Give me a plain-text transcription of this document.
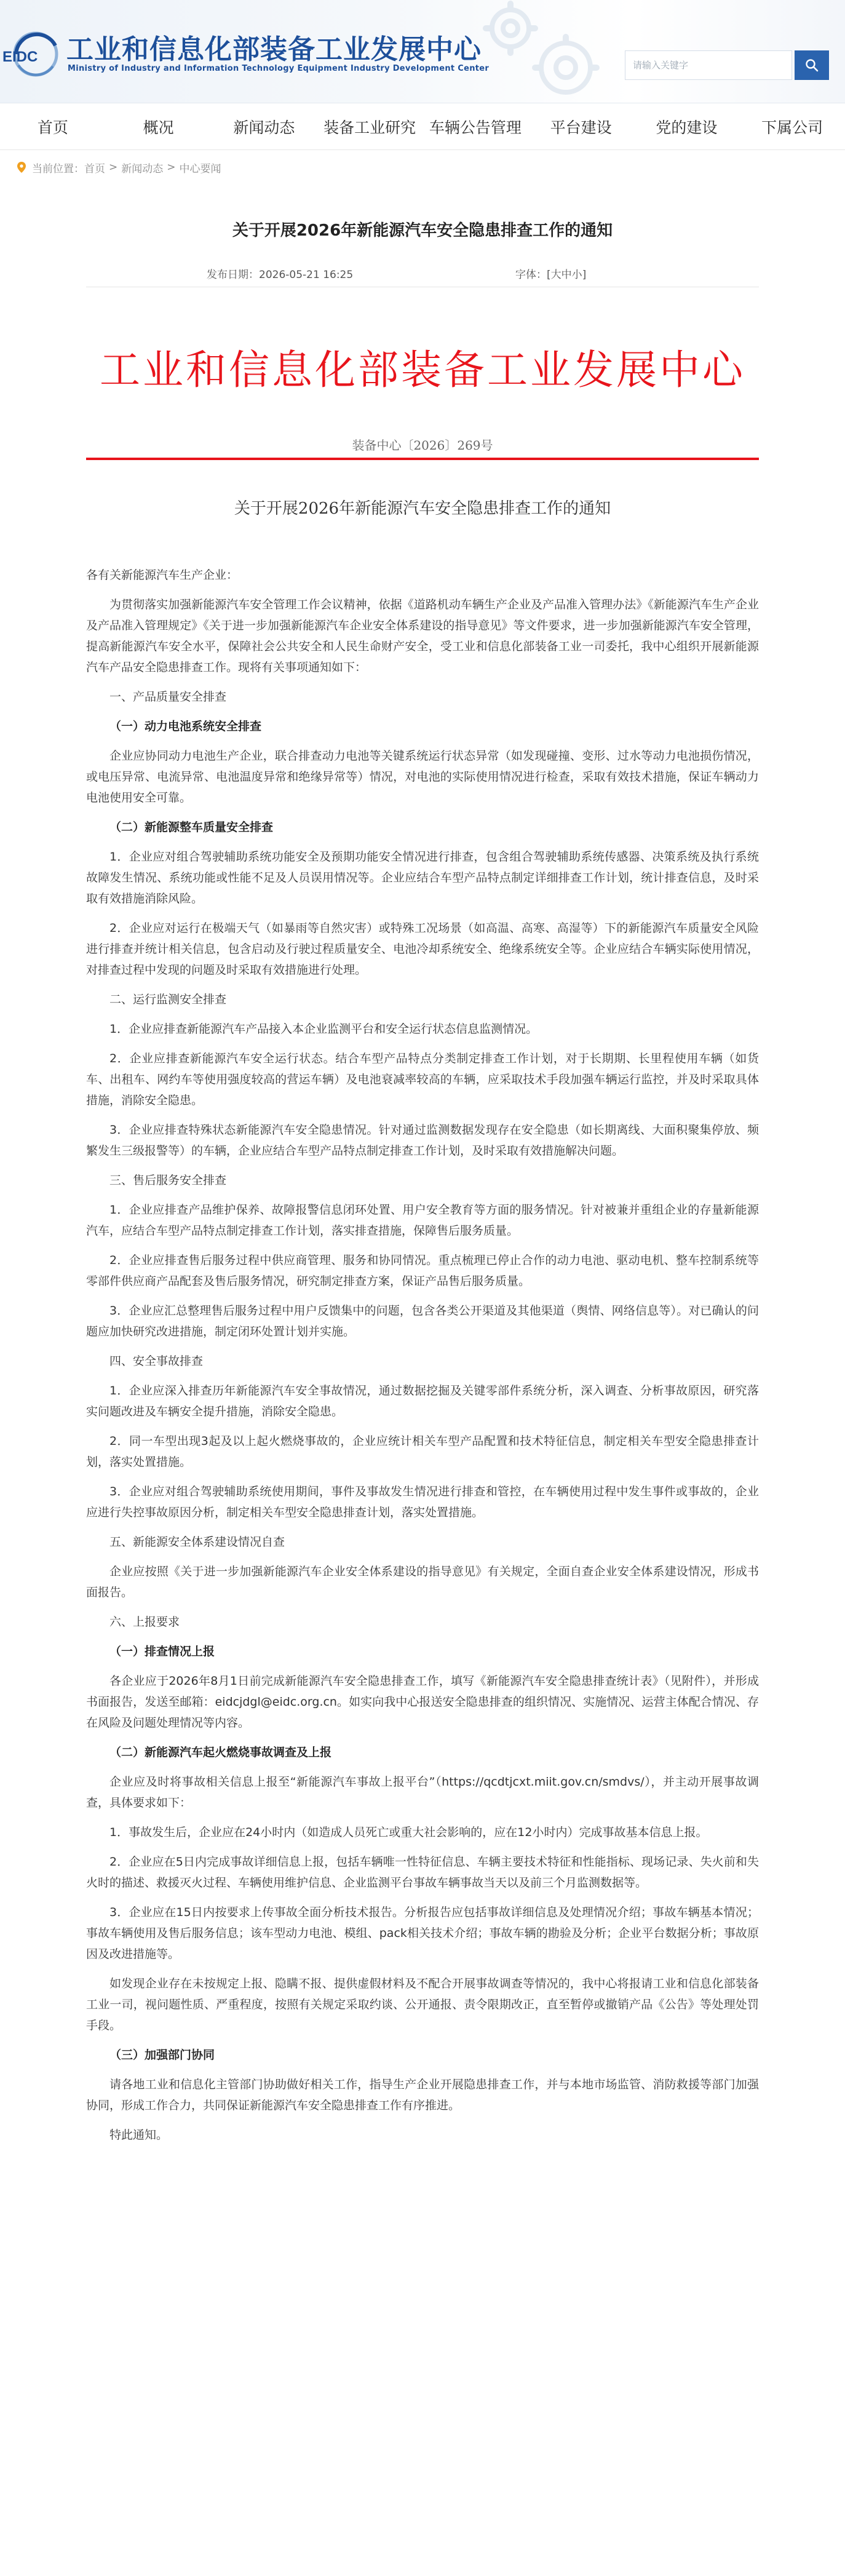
EIDC 工业和信息化部装备工业发展中心
Ministry of Industry and Information Technology Equipment Industry Development Center
请输入关键字
首页	概况	新闻动态	装备工业研究 车辆公告管理	平台建设	党的建设	下属公司
当前位置： 首页 > 新闻动态 > 中心要闻
关于开展2026年新能源汽车安全隐患排查工作的通知
发布日期：2026-05-21 16:25	字体：[大中小]
工业和信息化部装备工业发展中心
装备中心〔2026〕269号
关于开展2026年新能源汽车安全隐患排查工作的通知

各有关新能源汽车生产企业：

为贯彻落实加强新能源汽车安全管理工作会议精神，依据《道路机动车辆生产企业及产品准入管理办法》《新能源汽车生产企业及产品准入管理规定》《关于进一步加强新能源汽车企业安全体系建设的指导意见》等文件要求，进一步加强新能源汽车安全管理，提高新能源汽车安全水平，保障社会公共安全和人民生命财产安全，受工业和信息化部装备工业一司委托，我中心组织开展新能源汽车产品安全隐患排查工作。现将有关事项通知如下：

一、产品质量安全排查

（一）动力电池系统安全排查

企业应协同动力电池生产企业，联合排查动力电池等关键系统运行状态异常（如发现碰撞、变形、过水等动力电池损伤情况，或电压异常、电流异常、电池温度异常和绝缘异常等）情况，对电池的实际使用情况进行检查，采取有效技术措施，保证车辆动力电池使用安全可靠。

（二）新能源整车质量安全排查

1．企业应对组合驾驶辅助系统功能安全及预期功能安全情况进行排查，包含组合驾驶辅助系统传感器、决策系统及执行系统故障发生情况、系统功能或性能不足及人员误用情况等。企业应结合车型产品特点制定详细排查工作计划，统计排查信息，及时采取有效措施消除风险。

2．企业应对运行在极端天气（如暴雨等自然灾害）或特殊工况场景（如高温、高寒、高湿等）下的新能源汽车质量安全风险进行排查并统计相关信息，包含启动及行驶过程质量安全、电池冷却系统安全、绝缘系统安全等。企业应结合车辆实际使用情况，对排查过程中发现的问题及时采取有效措施进行处理。

二、运行监测安全排查

1．企业应排查新能源汽车产品接入本企业监测平台和安全运行状态信息监测情况。

2．企业应排查新能源汽车安全运行状态。结合车型产品特点分类制定排查工作计划，对于长期期、长里程使用车辆（如货车、出租车、网约车等使用强度较高的营运车辆）及电池衰减率较高的车辆，应采取技术手段加强车辆运行监控，并及时采取具体措施，消除安全隐患。

3．企业应排查特殊状态新能源汽车安全隐患情况。针对通过监测数据发现存在安全隐患（如长期离线、大面积聚集停放、频繁发生三级报警等）的车辆，企业应结合车型产品特点制定排查工作计划，及时采取有效措施解决问题。

三、售后服务安全排查

1．企业应排查产品维护保养、故障报警信息闭环处置、用户安全教育等方面的服务情况。针对被兼并重组企业的存量新能源汽车，应结合车型产品特点制定排查工作计划，落实排查措施，保障售后服务质量。

2．企业应排查售后服务过程中供应商管理、服务和协同情况。重点梳理已停止合作的动力电池、驱动电机、整车控制系统等零部件供应商产品配套及售后服务情况，研究制定排查方案，保证产品售后服务质量。

3．企业应汇总整理售后服务过程中用户反馈集中的问题，包含各类公开渠道及其他渠道（舆情、网络信息等）。对已确认的问题应加快研究改进措施，制定闭环处置计划并实施。

四、安全事故排查

1．企业应深入排查历年新能源汽车安全事故情况，通过数据挖掘及关键零部件系统分析，深入调查、分析事故原因，研究落实问题改进及车辆安全提升措施，消除安全隐患。

2．同一车型出现3起及以上起火燃烧事故的，企业应统计相关车型产品配置和技术特征信息，制定相关车型安全隐患排查计划，落实处置措施。

3．企业应对组合驾驶辅助系统使用期间，事件及事故发生情况进行排查和管控，在车辆使用过程中发生事件或事故的，企业应进行失控事故原因分析，制定相关车型安全隐患排查计划，落实处置措施。

五、新能源安全体系建设情况自查

企业应按照《关于进一步加强新能源汽车企业安全体系建设的指导意见》有关规定，全面自查企业安全体系建设情况，形成书面报告。

六、上报要求

（一）排查情况上报

各企业应于2026年8月1日前完成新能源汽车安全隐患排查工作，填写《新能源汽车安全隐患排查统计表》（见附件），并形成书面报告，发送至邮箱：eidcjdgl@eidc.org.cn。如实向我中心报送安全隐患排查的组织情况、实施情况、运营主体配合情况、存在风险及问题处理情况等内容。

（二）新能源汽车起火燃烧事故调查及上报

企业应及时将事故相关信息上报至“新能源汽车事故上报平台”（https://qcdtjcxt.miit.gov.cn/smdvs/），并主动开展事故调查，具体要求如下：

1．事故发生后，企业应在24小时内（如造成人员死亡或重大社会影响的，应在12小时内）完成事故基本信息上报。

2．企业应在5日内完成事故详细信息上报，包括车辆唯一性特征信息、车辆主要技术特征和性能指标、现场记录、失火前和失火时的描述、救援灭火过程、车辆使用维护信息、企业监测平台事故车辆事故当天以及前三个月监测数据等。

3．企业应在15日内按要求上传事故全面分析技术报告。分析报告应包括事故详细信息及处理情况介绍；事故车辆基本情况；事故车辆使用及售后服务信息；该车型动力电池、模组、pack相关技术介绍；事故车辆的勘验及分析；企业平台数据分析；事故原因及改进措施等。

如发现企业存在未按规定上报、隐瞒不报、提供虚假材料及不配合开展事故调查等情况的，我中心将报请工业和信息化部装备工业一司，视问题性质、严重程度，按照有关规定采取约谈、公开通报、责令限期改正，直至暂停或撤销产品《公告》等处理处罚手段。

（三）加强部门协同

请各地工业和信息化主管部门协助做好相关工作，指导生产企业开展隐患排查工作，并与本地市场监管、消防救援等部门加强协同，形成工作合力，共同保证新能源汽车安全隐患排查工作有序推进。

特此通知。
